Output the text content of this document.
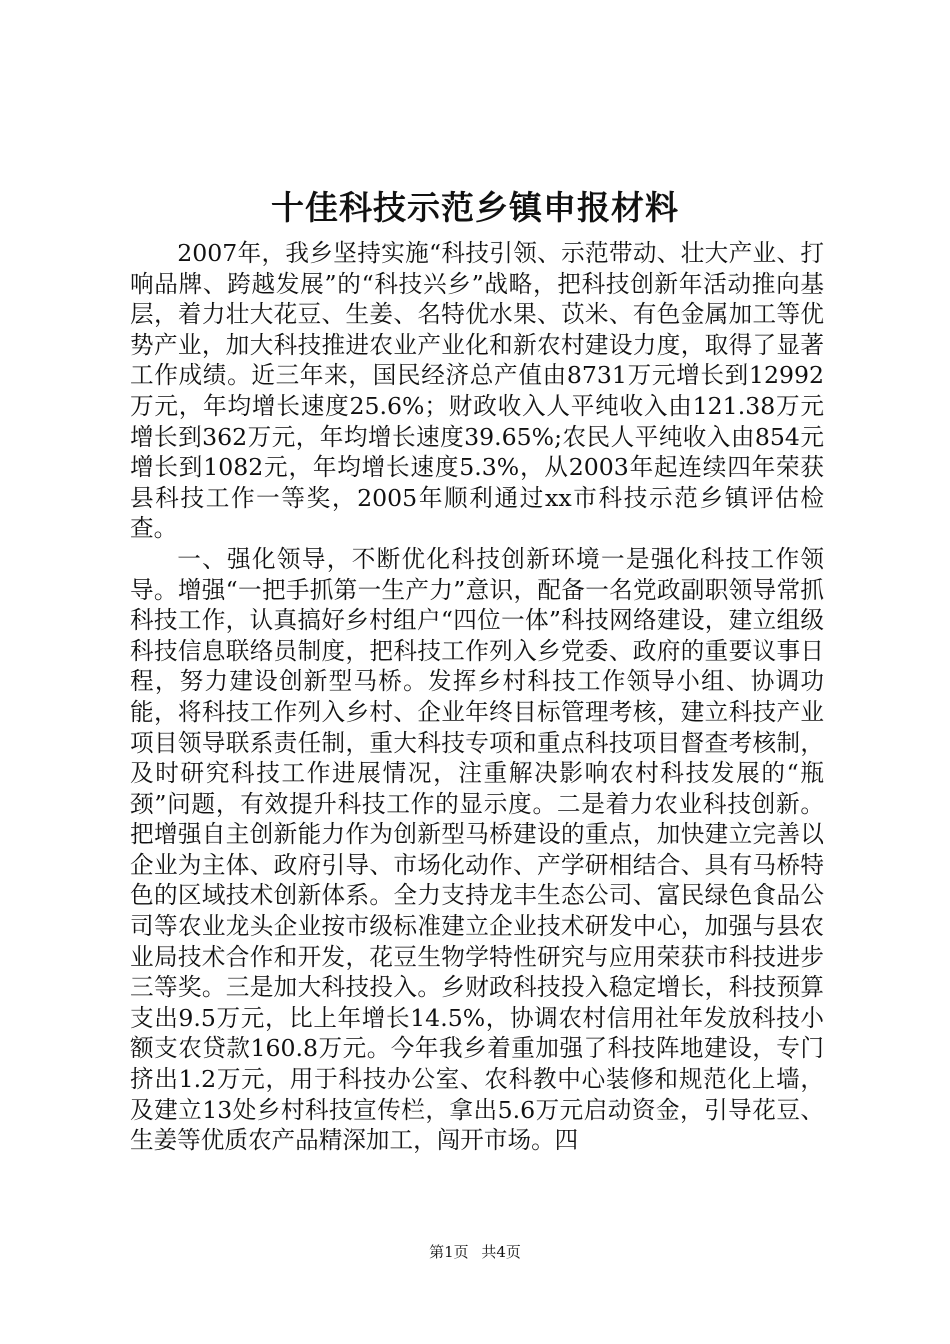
十佳科技示范乡镇申报材料

2007年，我乡坚持实施“科技引领、示范带动、壮大产业、打响品牌、跨越发展”的“科技兴乡”战略，把科技创新年活动推向基层，着力壮大花豆、生姜、名特优水果、苡米、有色金属加工等优势产业，加大科技推进农业产业化和新农村建设力度，取得了显著工作成绩。近三年来，国民经济总产值由8731万元增长到12992万元，年均增长速度25.6%；财政收入人平纯收入由121.38万元增长到362万元，年均增长速度39.65%;农民人平纯收入由854元增长到1082元，年均增长速度5.3%，从2003年起连续四年荣获县科技工作一等奖，2005年顺利通过xx市科技示范乡镇评估检查。

一、强化领导，不断优化科技创新环境一是强化科技工作领导。增强“一把手抓第一生产力”意识，配备一名党政副职领导常抓科技工作，认真搞好乡村组户“四位一体”科技网络建设，建立组级科技信息联络员制度，把科技工作列入乡党委、政府的重要议事日程，努力建设创新型马桥。发挥乡村科技工作领导小组、协调功能，将科技工作列入乡村、企业年终目标管理考核，建立科技产业项目领导联系责任制，重大科技专项和重点科技项目督查考核制，及时研究科技工作进展情况，注重解决影响农村科技发展的“瓶颈”问题，有效提升科技工作的显示度。二是着力农业科技创新。把增强自主创新能力作为创新型马桥建设的重点，加快建立完善以企业为主体、政府引导、市场化动作、产学研相结合、具有马桥特色的区域技术创新体系。全力支持龙丰生态公司、富民绿色食品公司等农业龙头企业按市级标准建立企业技术研发中心，加强与县农业局技术合作和开发，花豆生物学特性研究与应用荣获市科技进步三等奖。三是加大科技投入。乡财政科技投入稳定增长，科技预算支出9.5万元，比上年增长14.5%，协调农村信用社年发放科技小额支农贷款160.8万元。今年我乡着重加强了科技阵地建设，专门挤出1.2万元，用于科技办公室、农科教中心装修和规范化上墙，及建立13处乡村科技宣传栏，拿出5.6万元启动资金，引导花豆、生姜等优质农产品精深加工，闯开市场。四

第1页 共4页
